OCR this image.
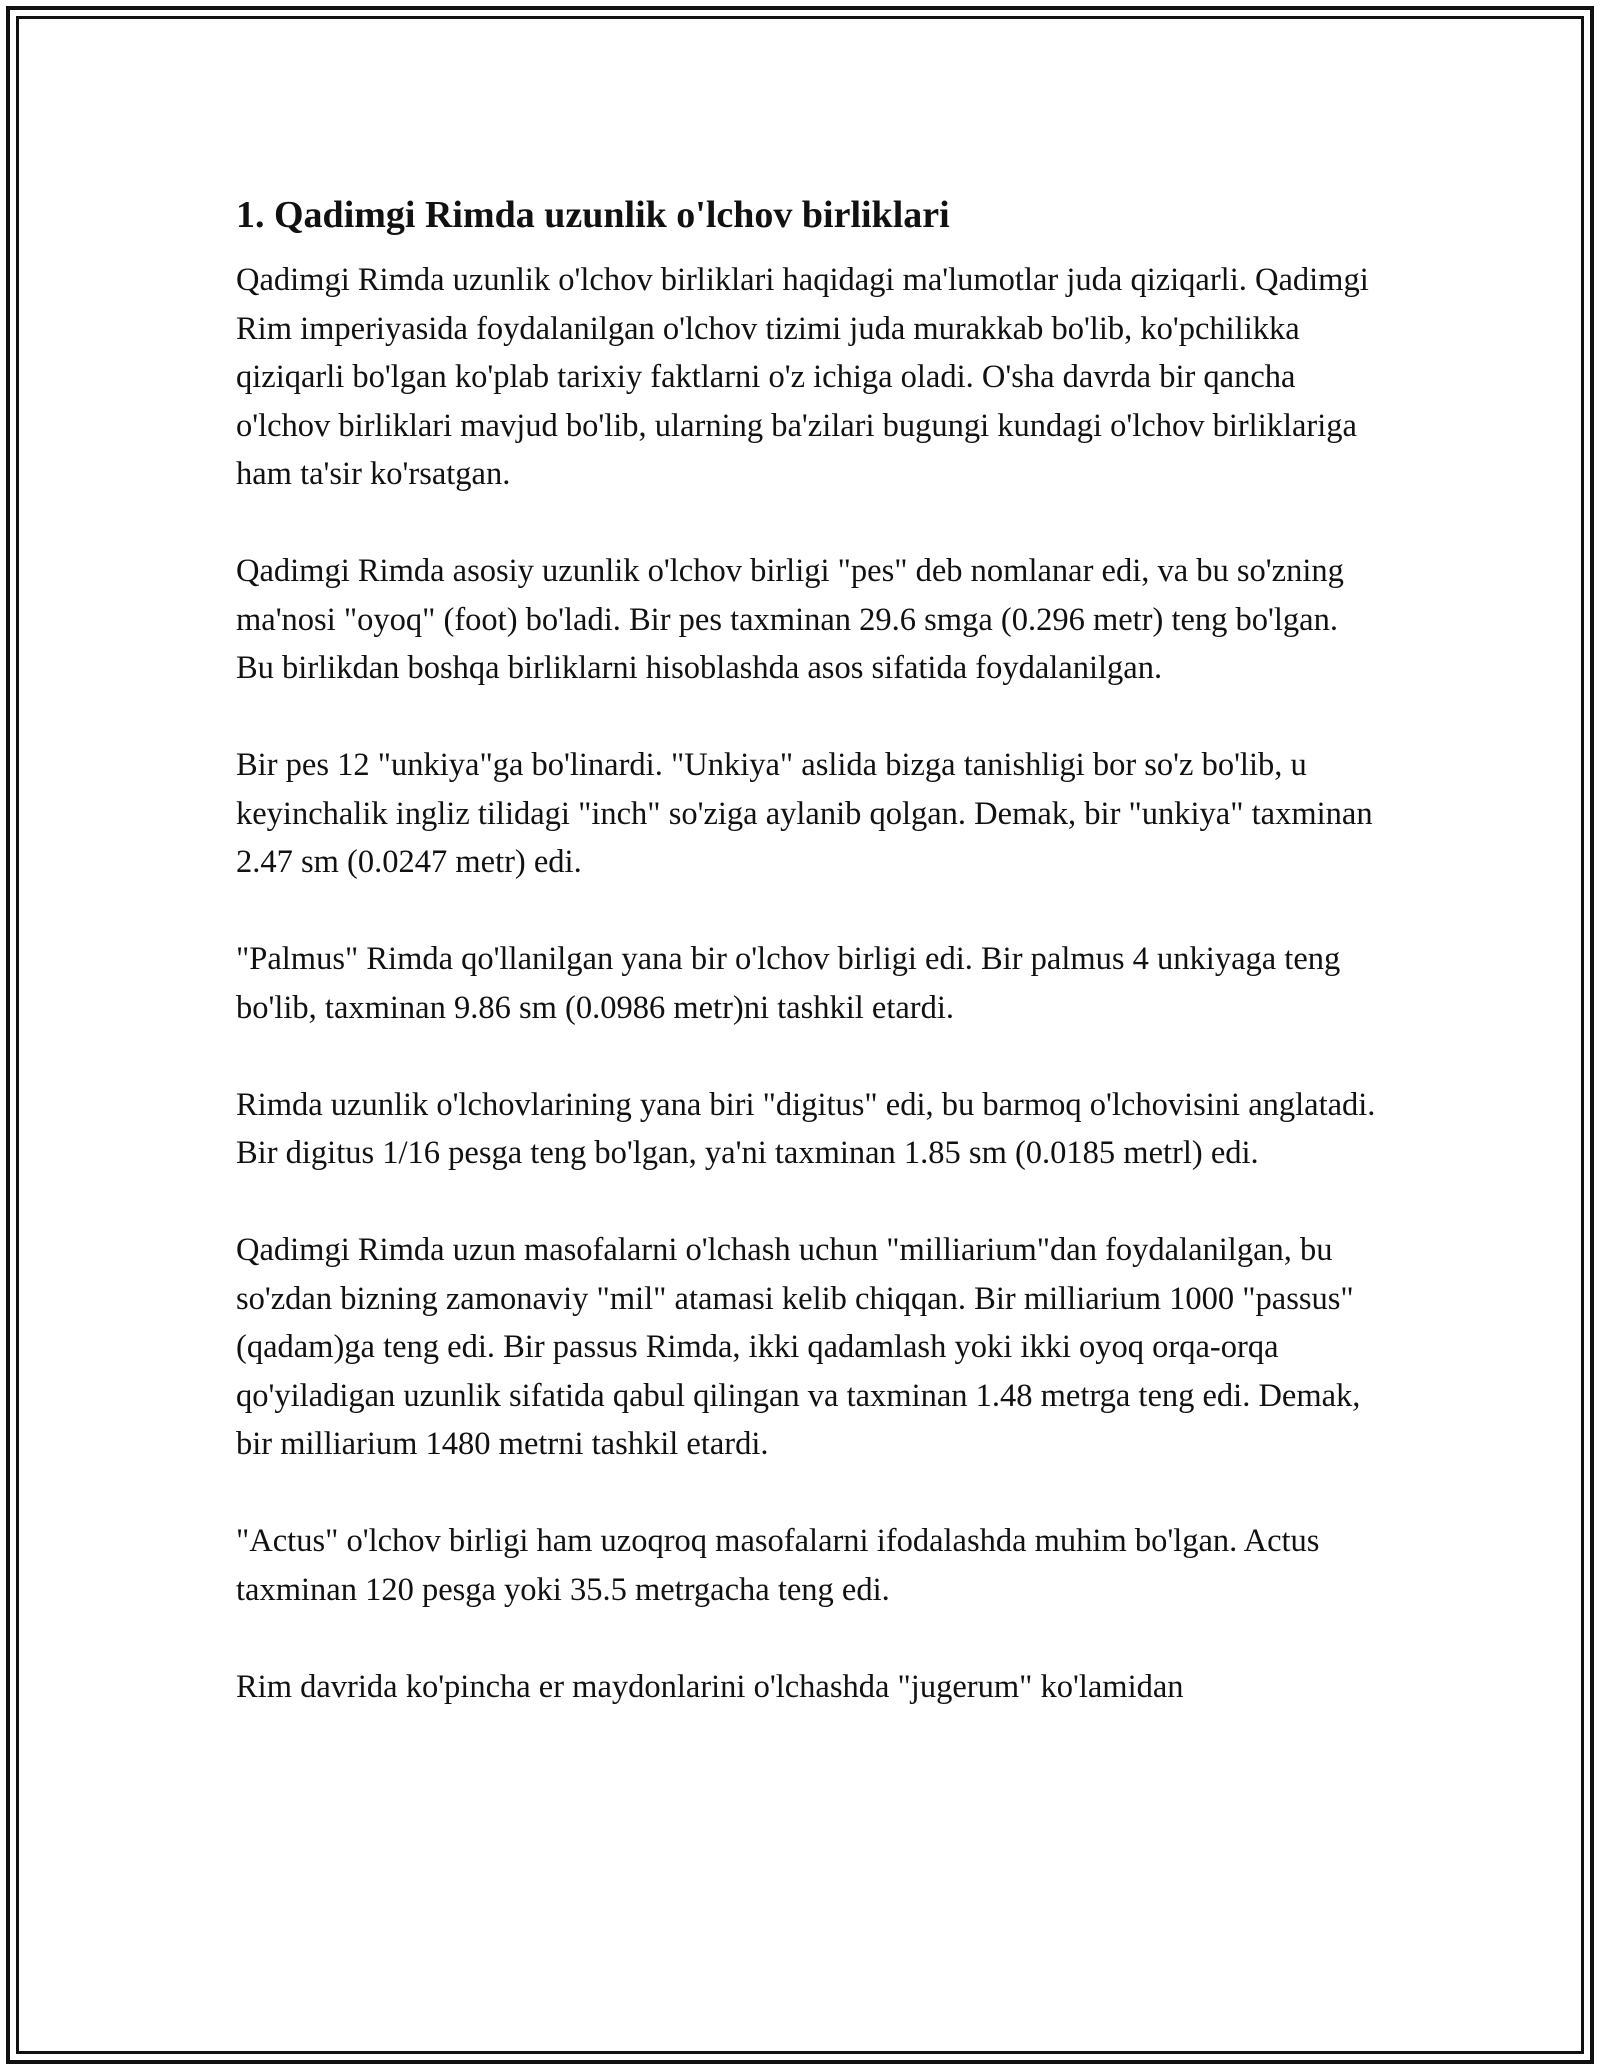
1. Qadimgi Rimda uzunlik o'lchov birliklari

Qadimgi Rimda uzunlik o'lchov birliklari haqidagi ma'lumotlar juda qiziqarli. Qadimgi Rim imperiyasida foydalanilgan o'lchov tizimi juda murakkab bo'lib, ko'pchilikka qiziqarli bo'lgan ko'plab tarixiy faktlarni o'z ichiga oladi. O'sha davrda bir qancha o'lchov birliklari mavjud bo'lib, ularning ba'zilari bugungi kundagi o'lchov birliklariga ham ta'sir ko'rsatgan.

Qadimgi Rimda asosiy uzunlik o'lchov birligi "pes" deb nomlanar edi, va bu so'zning ma'nosi "oyoq" (foot) bo'ladi. Bir pes taxminan 29.6 smga (0.296 metr) teng bo'lgan. Bu birlikdan boshqa birliklarni hisoblashda asos sifatida foydalanilgan.

Bir pes 12 "unkiya"ga bo'linardi. "Unkiya" aslida bizga tanishligi bor so'z bo'lib, u keyinchalik ingliz tilidagi "inch" so'ziga aylanib qolgan. Demak, bir "unkiya" taxminan 2.47 sm (0.0247 metr) edi.

"Palmus" Rimda qo'llanilgan yana bir o'lchov birligi edi. Bir palmus 4 unkiyaga teng bo'lib, taxminan 9.86 sm (0.0986 metr)ni tashkil etardi.

Rimda uzunlik o'lchovlarining yana biri "digitus" edi, bu barmoq o'lchovisini anglatadi. Bir digitus 1/16 pesga teng bo'lgan, ya'ni taxminan 1.85 sm (0.0185 metrl) edi.

Qadimgi Rimda uzun masofalarni o'lchash uchun "milliarium"dan foydalanilgan, bu so'zdan bizning zamonaviy "mil" atamasi kelib chiqqan. Bir milliarium 1000 "passus" (qadam)ga teng edi. Bir passus Rimda, ikki qadamlash yoki ikki oyoq orqa-orqa qo'yiladigan uzunlik sifatida qabul qilingan va taxminan 1.48 metrga teng edi. Demak, bir milliarium 1480 metrni tashkil etardi.

"Actus" o'lchov birligi ham uzoqroq masofalarni ifodalashda muhim bo'lgan. Actus taxminan 120 pesga yoki 35.5 metrgacha teng edi.

Rim davrida ko'pincha er maydonlarini o'lchashda "jugerum" ko'lamidan
